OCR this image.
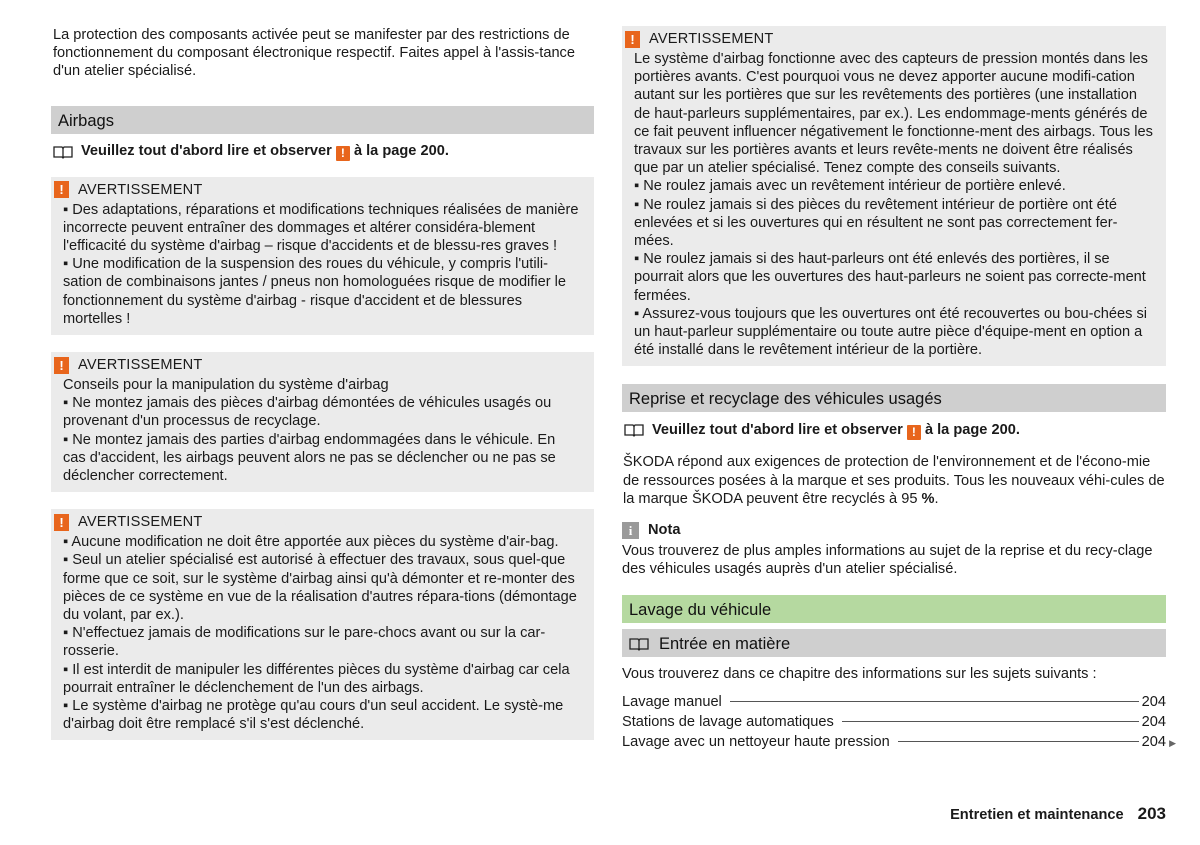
La protection des composants activée peut se manifester par des restrictions de fonctionnement du composant électronique respectif. Faites appel à l'assis-tance d'un atelier spécialisé.

Airbags
Veuillez tout d'abord lire et observer ! à la page 200.
! AVERTISSEMENT
▪ Des adaptations, réparations et modifications techniques réalisées de manière incorrecte peuvent entraîner des dommages et altérer considéra-blement l'efficacité du système d'airbag – risque d'accidents et de blessu-res graves !
▪ Une modification de la suspension des roues du véhicule, y compris l'utili-sation de combinaisons jantes / pneus non homologuées risque de modifier le fonctionnement du système d'airbag - risque d'accident et de blessures mortelles !
! AVERTISSEMENT
Conseils pour la manipulation du système d'airbag
▪ Ne montez jamais des pièces d'airbag démontées de véhicules usagés ou provenant d'un processus de recyclage.
▪ Ne montez jamais des parties d'airbag endommagées dans le véhicule. En cas d'accident, les airbags peuvent alors ne pas se déclencher ou ne pas se déclencher correctement.
! AVERTISSEMENT
▪ Aucune modification ne doit être apportée aux pièces du système d'air-bag.
▪ Seul un atelier spécialisé est autorisé à effectuer des travaux, sous quel-que forme que ce soit, sur le système d'airbag ainsi qu'à démonter et re-monter des pièces de ce système en vue de la réalisation d'autres répara-tions (démontage du volant, par ex.).
▪ N'effectuez jamais de modifications sur le pare-chocs avant ou sur la car-rosserie.
▪ Il est interdit de manipuler les différentes pièces du système d'airbag car cela pourrait entraîner le déclenchement de l'un des airbags.
▪ Le système d'airbag ne protège qu'au cours d'un seul accident. Le systè-me d'airbag doit être remplacé s'il s'est déclenché.
! AVERTISSEMENT
Le système d'airbag fonctionne avec des capteurs de pression montés dans les portières avants. C'est pourquoi vous ne devez apporter aucune modifi-cation autant sur les portières que sur les revêtements des portières (une installation de haut-parleurs supplémentaires, par ex.). Les endommage-ments générés de ce fait peuvent influencer négativement le fonctionne-ment des airbags. Tous les travaux sur les portières avants et leurs revête-ments ne doivent être réalisés que par un atelier spécialisé. Tenez compte des conseils suivants.
▪ Ne roulez jamais avec un revêtement intérieur de portière enlevé.
▪ Ne roulez jamais si des pièces du revêtement intérieur de portière ont été enlevées et si les ouvertures qui en résultent ne sont pas correctement fer-mées.
▪ Ne roulez jamais si des haut-parleurs ont été enlevés des portières, il se pourrait alors que les ouvertures des haut-parleurs ne soient pas correcte-ment fermées.
▪ Assurez-vous toujours que les ouvertures ont été recouvertes ou bou-chées si un haut-parleur supplémentaire ou toute autre pièce d'équipe-ment en option a été installé dans le revêtement intérieur de la portière.
Reprise et recyclage des véhicules usagés
Veuillez tout d'abord lire et observer ! à la page 200.

ŠKODA répond aux exigences de protection de l'environnement et de l'écono-mie de ressources posées à la marque et ses produits. Tous les nouveaux véhi-cules de la marque ŠKODA peuvent être recyclés à 95 %.

i	Nota

Vous trouverez de plus amples informations au sujet de la reprise et du recy-clage des véhicules usagés auprès d'un atelier spécialisé.

Lavage du véhicule
Entrée en matière

Vous trouverez dans ce chapitre des informations sur les sujets suivants :

Lavage manuel	204
Stations de lavage automatiques	204
Lavage avec un nettoyeur haute pression	204 ▶
Entretien et maintenance 203
